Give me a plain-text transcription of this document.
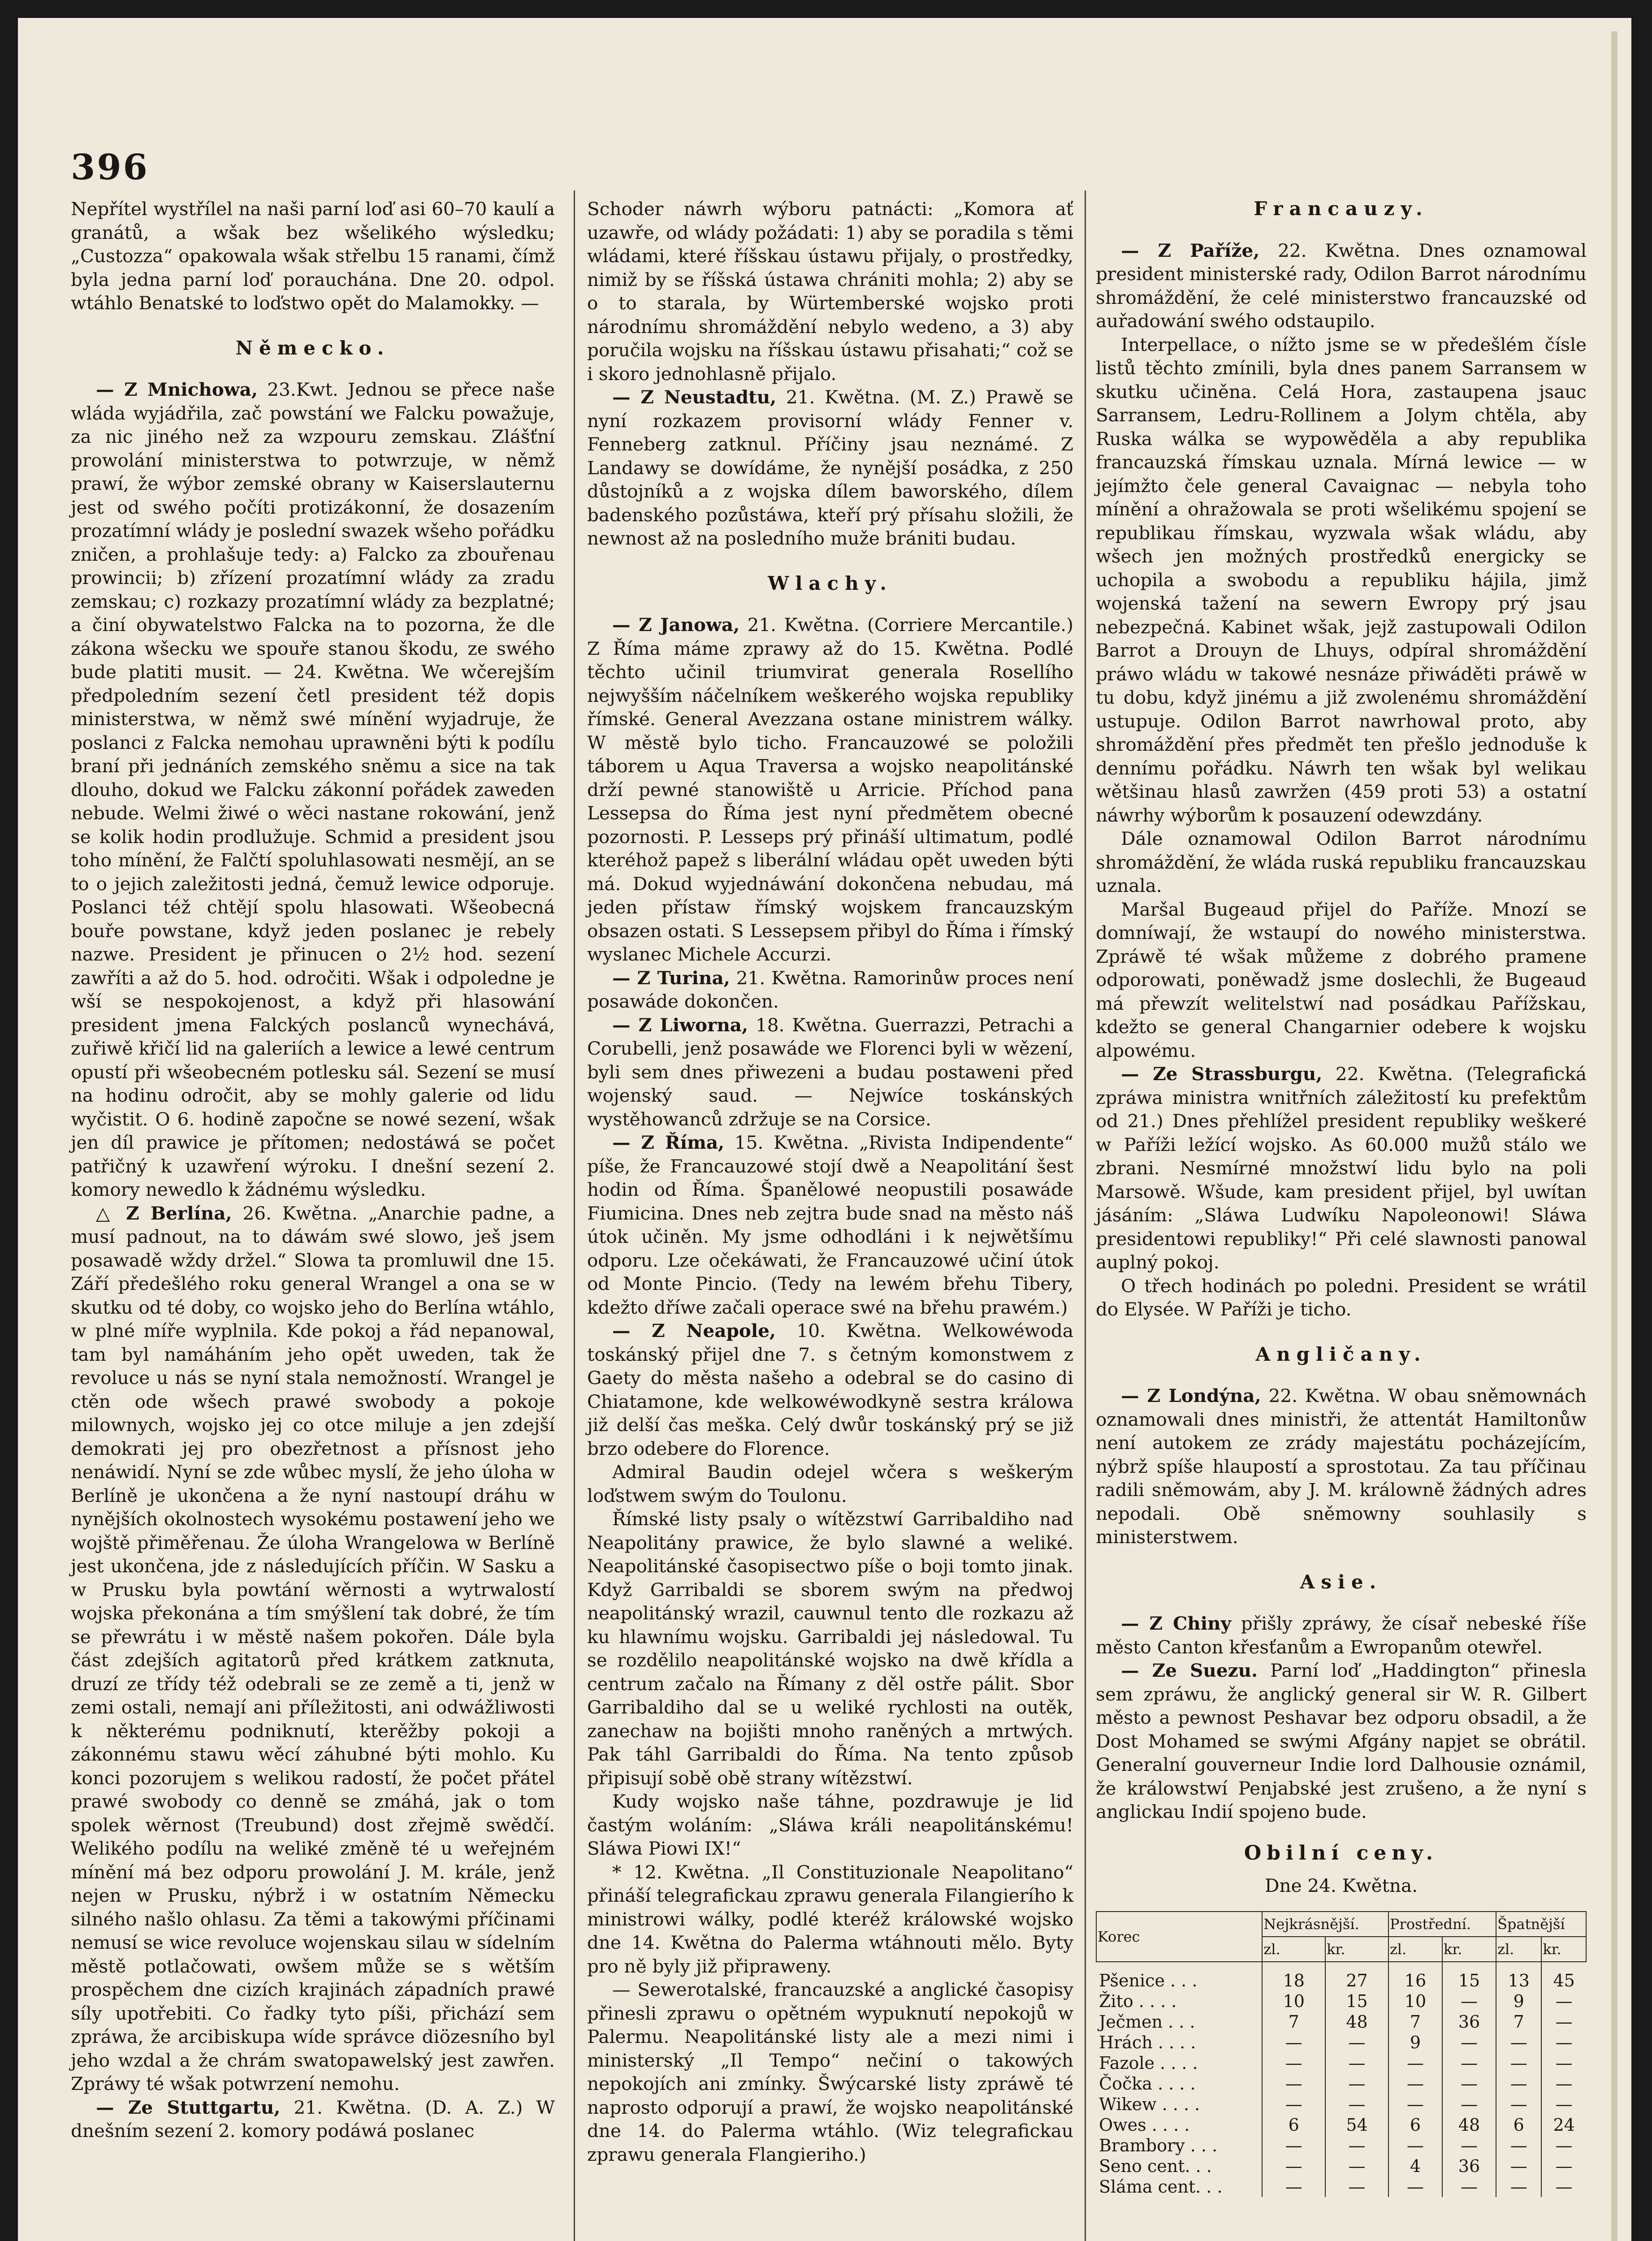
396

Nepřítel wystřílel na naši parní loď asi 60–70 kaulí a granátů, a wšak bez wšelikého wýsledku; „Custozza“ opakowala wšak střelbu 15 ranami, čímž byla jedna parní loď porauchána. Dne 20. odpol. wtáhlo Benatské to loďstwo opět do Malamokky. —

Německo.

— Z Mnichowa, 23.Kwt. Jednou se přece naše wláda wyjádřila, zač powstání we Falcku powažuje, za nic jiného než za wzpouru zemskau. Zlášťní prowolání ministerstwa to potwrzuje, w němž prawí, že wýbor zemské obrany w Kaiserslauternu jest od swého počíti protizákonní, že dosazením prozatímní wlády je poslední swazek wšeho pořádku zničen, a prohlašuje tedy: a) Falcko za zbouřenau prowincii; b) zřízení prozatímní wlády za zradu zemskau; c) rozkazy prozatímní wlády za bezplatné; a činí obywatelstwo Falcka na to pozorna, že dle zákona wšecku we spouře stanou škodu, ze swého bude platiti musit. — 24. Kwětna. We wčerejším předpoledním sezení četl president též dopis ministerstwa, w němž swé mínění wyjadruje, že poslanci z Falcka nemohau uprawněni býti k podílu braní při jednáních zemského sněmu a sice na tak dlouho, dokud we Falcku zákonní pořádek zaweden nebude. Welmi žiwé o wěci nastane rokowání, jenž se kolik hodin prodlužuje. Schmid a president jsou toho mínění, že Falčtí spoluhlasowati nesmějí, an se to o jejich zaležitosti jedná, čemuž lewice odporuje. Poslanci též chtějí spolu hlasowati. Wšeobecná bouře powstane, když jeden poslanec je rebely nazwe. President je přinucen o 2½ hod. sezení zawříti a až do 5. hod. odročiti. Wšak i odpoledne je wší se nespokojenost, a když při hlasowání president jmena Falckých poslanců wynechává, zuřiwě křičí lid na galeriích a lewice a lewé centrum opustí při wšeobecném potlesku sál. Sezení se musí na hodinu odročit, aby se mohly galerie od lidu wyčistit. O 6. hodině započne se nowé sezení, wšak jen díl prawice je přítomen; nedostáwá se počet patřičný k uzawření wýroku. I dnešní sezení 2. komory newedlo k žádnému wýsledku.

△ Z Berlína, 26. Kwětna. „Anarchie padne, a musí padnout, na to dáwám swé slowo, ješ jsem posawadě wždy držel.“ Slowa ta promluwil dne 15. Září předešlého roku general Wrangel a ona se w skutku od té doby, co wojsko jeho do Berlína wtáhlo, w plné míře wyplnila. Kde pokoj a řád nepanowal, tam byl namáháním jeho opět uweden, tak že revoluce u nás se nyní stala nemožností. Wrangel je ctěn ode wšech prawé swobody a pokoje milownych, wojsko jej co otce miluje a jen zdejší demokrati jej pro obezřetnost a přísnost jeho nenáwidí. Nyní se zde wůbec myslí, že jeho úloha w Berlíně je ukončena a že nyní nastoupí dráhu w nynějších okolnostech wysokému postawení jeho we wojště přiměřenau. Že úloha Wrangelowa w Berlíně jest ukončena, jde z následujících příčin. W Sasku a w Prusku byla powtání wěrnosti a wytrwalostí wojska překonána a tím smýšlení tak dobré, že tím se přewrátu i w městě našem pokořen. Dále byla část zdejších agitatorů před krátkem zatknuta, druzí ze třídy též odebrali se ze země a ti, jenž w zemi ostali, nemají ani příležitosti, ani odwážliwosti k některému podniknutí, kterěžby pokoji a zákonnému stawu wěcí záhubné býti mohlo. Ku konci pozorujem s welikou radostí, že počet přátel prawé swobody co denně se zmáhá, jak o tom spolek wěrnost (Treubund) dost zřejmě swědčí. Welikého podílu na weliké změně té u weřejném mínění má bez odporu prowolání J. M. krále, jenž nejen w Prusku, nýbrž i w ostatním Německu silného našlo ohlasu. Za těmi a takowými příčinami nemusí se wice revoluce wojenskau silau w sídelním městě potlačowati, owšem může se s wětším prospěchem dne cizích krajinách západních prawé síly upotřebiti. Co řadky tyto píši, přichází sem zpráwa, že arcibiskupa wíde správce diözesního byl jeho wzdal a že chrám swatopawelský jest zawřen. Zpráwy té wšak potwrzení nemohu.

— Ze Stuttgartu, 21. Kwětna. (D. A. Z.) W dnešním sezení 2. komory podáwá poslanec

Schoder náwrh wýboru patnácti: „Komora ať uzawře, od wlády požádati: 1) aby se poradila s těmi wládami, které říšskau ústawu přijaly, o prostředky, nimiž by se říšská ústawa chrániti mohla; 2) aby se o to starala, by Würtemberské wojsko proti národnímu shromáždění nebylo wedeno, a 3) aby poručila wojsku na říšskau ústawu přisahati;“ což se i skoro jednohlasně přijalo.

— Z Neustadtu, 21. Kwětna. (M. Z.) Prawě se nyní rozkazem provisorní wlády Fenner v. Fenneberg zatknul. Příčiny jsau neznámé. Z Landawy se dowídáme, že nynější posádka, z 250 důstojníků a z wojska dílem baworského, dílem badenského pozůstáwa, kteří prý přísahu složili, že newnost až na posledního muže brániti budau.

Wlachy.

— Z Janowa, 21. Kwětna. (Corriere Mercantile.) Z Říma máme zprawy až do 15. Kwětna. Podlé těchto učinil triumvirat generala Rosellího nejwyšším náčelníkem weškerého wojska republiky římské. General Avezzana ostane ministrem wálky. W městě bylo ticho. Francauzowé se položili táborem u Aqua Traversa a wojsko neapolitánské drží pewné stanowiště u Arricie. Příchod pana Lessepsa do Říma jest nyní předmětem obecné pozornosti. P. Lesseps prý přináší ultimatum, podlé kteréhož papež s liberální wládau opět uweden býti má. Dokud wyjednáwání dokončena nebudau, má jeden přístaw římský wojskem francauzským obsazen ostati. S Lessepsem přibyl do Říma i římský wyslanec Michele Accurzi.

— Z Turina, 21. Kwětna. Ramorinůw proces není posawáde dokončen.

— Z Liworna, 18. Kwětna. Guerrazzi, Petrachi a Corubelli, jenž posawáde we Florenci byli w wězení, byli sem dnes přiwezeni a budau postaweni před wojenský saud. — Nejwíce toskánských wystěhowanců zdržuje se na Corsice.

— Z Říma, 15. Kwětna. „Rivista Indipendente“ píše, že Francauzowé stojí dwě a Neapolitání šest hodin od Říma. Španělowé neopustili posawáde Fiumicina. Dnes neb zejtra bude snad na město náš útok učiněn. My jsme odhodláni i k nejwětšímu odporu. Lze očekáwati, že Francauzowé učiní útok od Monte Pincio. (Tedy na lewém břehu Tibery, kdežto dříwe začali operace swé na břehu prawém.)

— Z Neapole, 10. Kwětna. Welkowéwoda toskánský přijel dne 7. s četným komonstwem z Gaety do města našeho a odebral se do casino di Chiatamone, kde welkowéwodkyně sestra králowa již delší čas meška. Celý dwůr toskánský prý se již brzo odebere do Florence.

Admiral Baudin odejel wčera s weškerým loďstwem swým do Toulonu.

Římské listy psaly o wítězstwí Garribaldiho nad Neapolitány prawice, že bylo slawné a weliké. Neapolitánské časopisectwo píše o boji tomto jinak. Když Garribaldi se sborem swým na předwoj neapolitánský wrazil, cauwnul tento dle rozkazu až ku hlawnímu wojsku. Garribaldi jej následowal. Tu se rozdělilo neapolitánské wojsko na dwě křídla a centrum začalo na Římany z děl ostře pálit. Sbor Garribaldiho dal se u weliké rychlosti na outěk, zanechaw na bojišti mnoho raněných a mrtwých. Pak táhl Garribaldi do Říma. Na tento způsob připisují sobě obě strany wítězstwí.

Kudy wojsko naše táhne, pozdrawuje je lid častým woláním: „Sláwa králi neapolitánskému! Sláwa Piowi IX!“

* 12. Kwětna. „Il Constituzionale Neapolitano“ přináší telegrafickau zprawu generala Filangierího k ministrowi wálky, podlé kteréž králowské wojsko dne 14. Kwětna do Palerma wtáhnouti mělo. Byty pro ně byly již připraweny.

— Sewerotalské, francauzské a anglické časopisy přinesli zprawu o opětném wypuknutí nepokojů w Palermu. Neapolitánské listy ale a mezi nimi i ministerský „Il Tempo“ nečiní o takowých nepokojích ani zmínky. Šwýcarské listy zpráwě té naprosto odporují a prawí, že wojsko neapolitánské dne 14. do Palerma wtáhlo. (Wiz telegrafickau zprawu generala Flangieriho.)

Francauzy.

— Z Paříže, 22. Kwětna. Dnes oznamowal president ministerské rady, Odilon Barrot národnímu shromáždění, že celé ministerstwo francauzské od auřadowání swého odstaupilo.

Interpellace, o nížto jsme se w předešlém čísle listů těchto zmínili, byla dnes panem Sarransem w skutku učiněna. Celá Hora, zastaupena jsauc Sarransem, Ledru-Rollinem a Jolym chtěla, aby Ruska wálka se wypowěděla a aby republika francauzská římskau uznala. Mírná lewice — w jejímžto čele general Cavaignac — nebyla toho mínění a ohražowala se proti wšelikému spojení se republikau římskau, wyzwala wšak wládu, aby wšech jen možných prostředků energicky se uchopila a swobodu a republiku hájila, jimž wojenská tažení na sewern Ewropy prý jsau nebezpečná. Kabinet wšak, jejž zastupowali Odilon Barrot a Drouyn de Lhuys, odpíral shromáždění práwo wládu w takowé nesnáze přiwáděti práwě w tu dobu, když jinému a již zwolenému shromáždění ustupuje. Odilon Barrot nawrhowal proto, aby shromáždění přes předmět ten přešlo jednoduše k dennímu pořádku. Náwrh ten wšak byl welikau wětšinau hlasů zawržen (459 proti 53) a ostatní náwrhy wýborům k posauzení odewzdány.

Dále oznamowal Odilon Barrot národnímu shromáždění, že wláda ruská republiku francauzskau uznala.

Maršal Bugeaud přijel do Paříže. Mnozí se domníwají, že wstaupí do nowého ministerstwa. Zpráwě té wšak můžeme z dobrého pramene odporowati, poněwadž jsme doslechli, že Bugeaud má přewzít welitelstwí nad posádkau Pařížskau, kdežto se general Changarnier odebere k wojsku alpowému.

— Ze Strassburgu, 22. Kwětna. (Telegrafická zpráwa ministra wnitřních záležitostí ku prefektům od 21.) Dnes přehlížel president republiky weškeré w Paříži ležící wojsko. As 60.000 mužů stálo we zbrani. Nesmírné množstwí lidu bylo na poli Marsowě. Wšude, kam president přijel, byl uwítan jásáním: „Sláwa Ludwíku Napoleonowi! Sláwa presidentowi republiky!“ Při celé slawnosti panowal auplný pokoj.

O třech hodinách po poledni. President se wrátil do Elysée. W Paříži je ticho.

Angličany.

— Z Londýna, 22. Kwětna. W obau sněmownách oznamowali dnes ministři, že attentát Hamiltonůw není autokem ze zrády majestátu pocházejícím, nýbrž spíše hlaupostí a sprostotau. Za tau příčinau radili sněmowám, aby J. M. králowně žádných adres nepodali. Obě sněmowny souhlasily s ministerstwem.

Asie.

— Z Chiny přišly zpráwy, že císař nebeské říše město Canton křesťanům a Ewropanům otewřel.

— Ze Suezu. Parní loď „Haddington“ přinesla sem zpráwu, že anglický general sir W. R. Gilbert město a pewnost Peshavar bez odporu obsadil, a že Dost Mohamed se swými Afgány napjet se obrátil. Generalní gouverneur Indie lord Dalhousie oznámil, že králowstwí Penjabské jest zrušeno, a že nyní s anglickau Indií spojeno bude.

Obilní ceny.
Dne 24. Kwětna.
Korec	Nejkrásnější.		Prostřední.		Špatnější	
	zl.	kr.	zl.	kr.	zl.	kr.
Pšenice . . .	18	27	16	15	13	45
Žito . . . .	10	15	10	—	9	—
Ječmen . . .	7	48	7	36	7	—
Hrách . . . .	—	—	9	—	—	—
Fazole . . . .	—	—	—	—	—	—
Čočka . . . .	—	—	—	—	—	—
Wikew . . . .	—	—	—	—	—	—
Owes . . . .	6	54	6	48	6	24
Brambory . . .	—	—	—	—	—	—
Seno cent. . .	—	—	4	36	—	—
Sláma cent. . .	—	—	—	—	—	—
